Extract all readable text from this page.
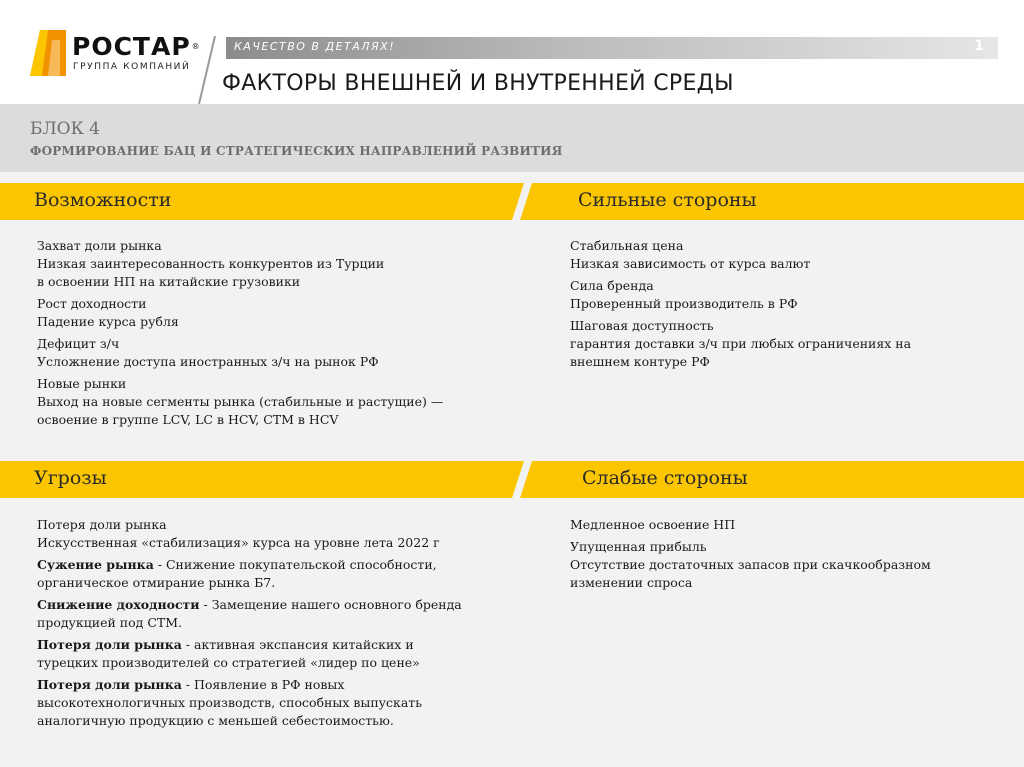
РОСТАР®
ГРУППА КОМПАНИЙ
КАЧЕСТВО В ДЕТАЛЯХ!	1
ФАКТОРЫ ВНЕШНЕЙ И ВНУТРЕННЕЙ СРЕДЫ
БЛОК 4
ФОРМИРОВАНИЕ БАЦ И СТРАТЕГИЧЕСКИХ НАПРАВЛЕНИЙ РАЗВИТИЯ
Возможности	Сильные стороны
Захват доли рынка
Низкая заинтересованность конкурентов из Турции
в освоении НП на китайские грузовики
Рост доходности
Падение курса рубля
Дефицит з/ч
Усложнение доступа иностранных з/ч на рынок РФ
Новые рынки
Выход на новые сегменты рынка (стабильные и растущие) —
освоение в группе LCV, LC в HCV, CTM в HCV
Стабильная цена
Низкая зависимость от курса валют
Сила бренда
Проверенный производитель в РФ
Шаговая доступность
гарантия доставки з/ч при любых ограничениях на
внешнем контуре РФ
Угрозы	Слабые стороны
Потеря доли рынка
Искусственная «стабилизация» курса на уровне лета 2022 г
Сужение рынка - Снижение покупательской способности,
органическое отмирание рынка Б7.
Снижение доходности - Замещение нашего основного бренда
продукцией под СТМ.
Потеря доли рынка - активная экспансия китайских и
турецких производителей со стратегией «лидер по цене»
Потеря доли рынка - Появление в РФ новых
высокотехнологичных производств, способных выпускать
аналогичную продукцию с меньшей себестоимостью.
Медленное освоение НП
Упущенная прибыль
Отсутствие достаточных запасов при скачкообразном
изменении спроса
